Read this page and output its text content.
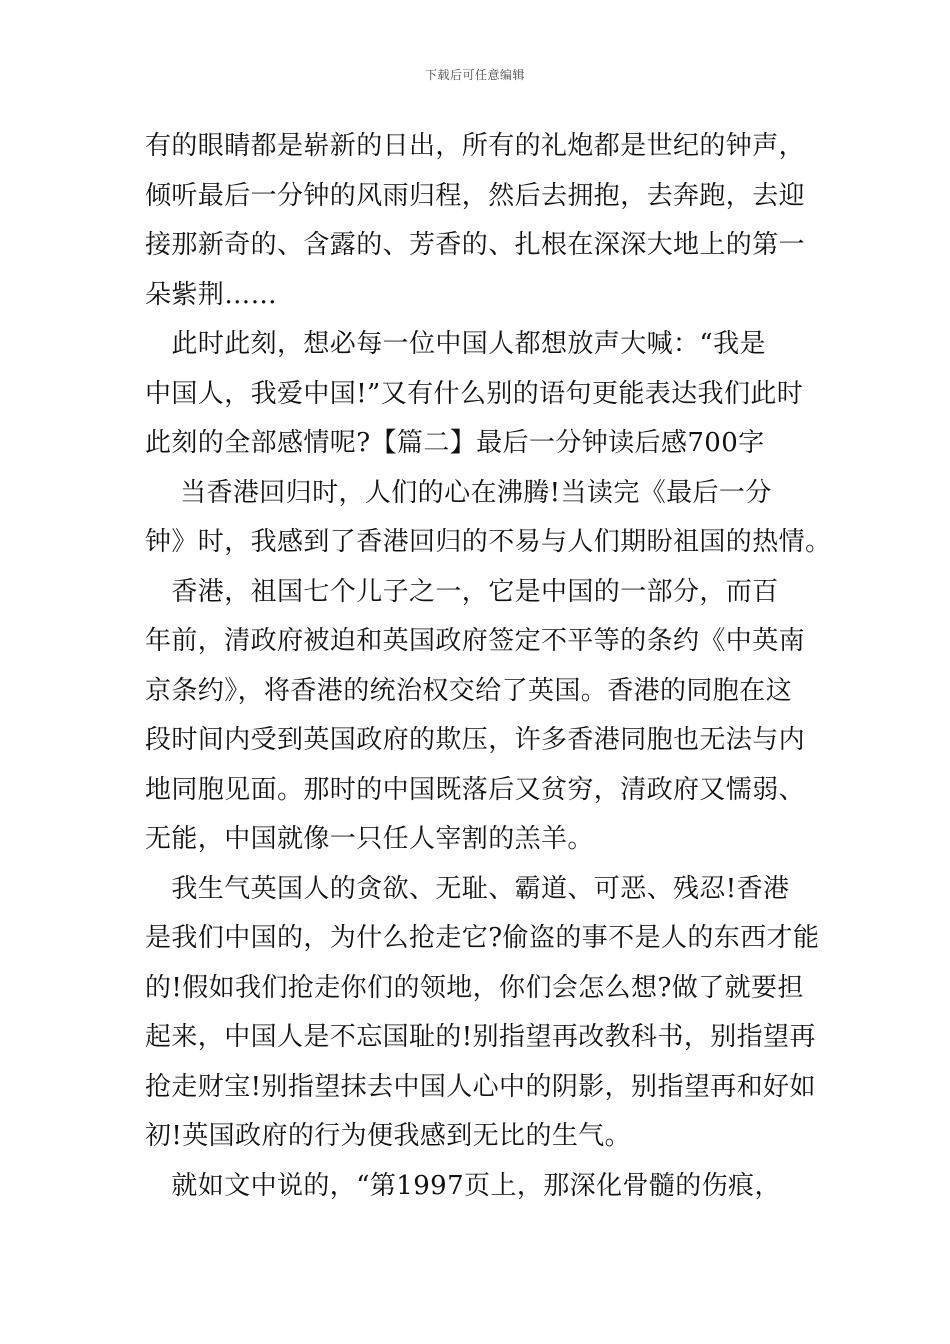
下载后可任意编辑
有的眼睛都是崭新的日出，所有的礼炮都是世纪的钟声，
倾听最后一分钟的风雨归程，然后去拥抱，去奔跑，去迎
接那新奇的、含露的、芳香的、扎根在深深大地上的第一
朵紫荆……
　此时此刻，想必每一位中国人都想放声大喊：“我是
中国人，我爱中国!”又有什么别的语句更能表达我们此时
此刻的全部感情呢?【篇二】最后一分钟读后感700字
　 当香港回归时，人们的心在沸腾!当读完《最后一分
钟》时，我感到了香港回归的不易与人们期盼祖国的热情。
　香港，祖国七个儿子之一，它是中国的一部分，而百
年前，清政府被迫和英国政府签定不平等的条约《中英南
京条约》，将香港的统治权交给了英国。香港的同胞在这
段时间内受到英国政府的欺压，许多香港同胞也无法与内
地同胞见面。那时的中国既落后又贫穷，清政府又懦弱、
无能，中国就像一只任人宰割的羔羊。
　我生气英国人的贪欲、无耻、霸道、可恶、残忍!香港
是我们中国的，为什么抢走它?偷盗的事不是人的东西才能
的!假如我们抢走你们的领地，你们会怎么想?做了就要担
起来，中国人是不忘国耻的!别指望再改教科书，别指望再
抢走财宝!别指望抹去中国人心中的阴影，别指望再和好如
初!英国政府的行为便我感到无比的生气。
　就如文中说的，“第1997页上，那深化骨髓的伤痕，
